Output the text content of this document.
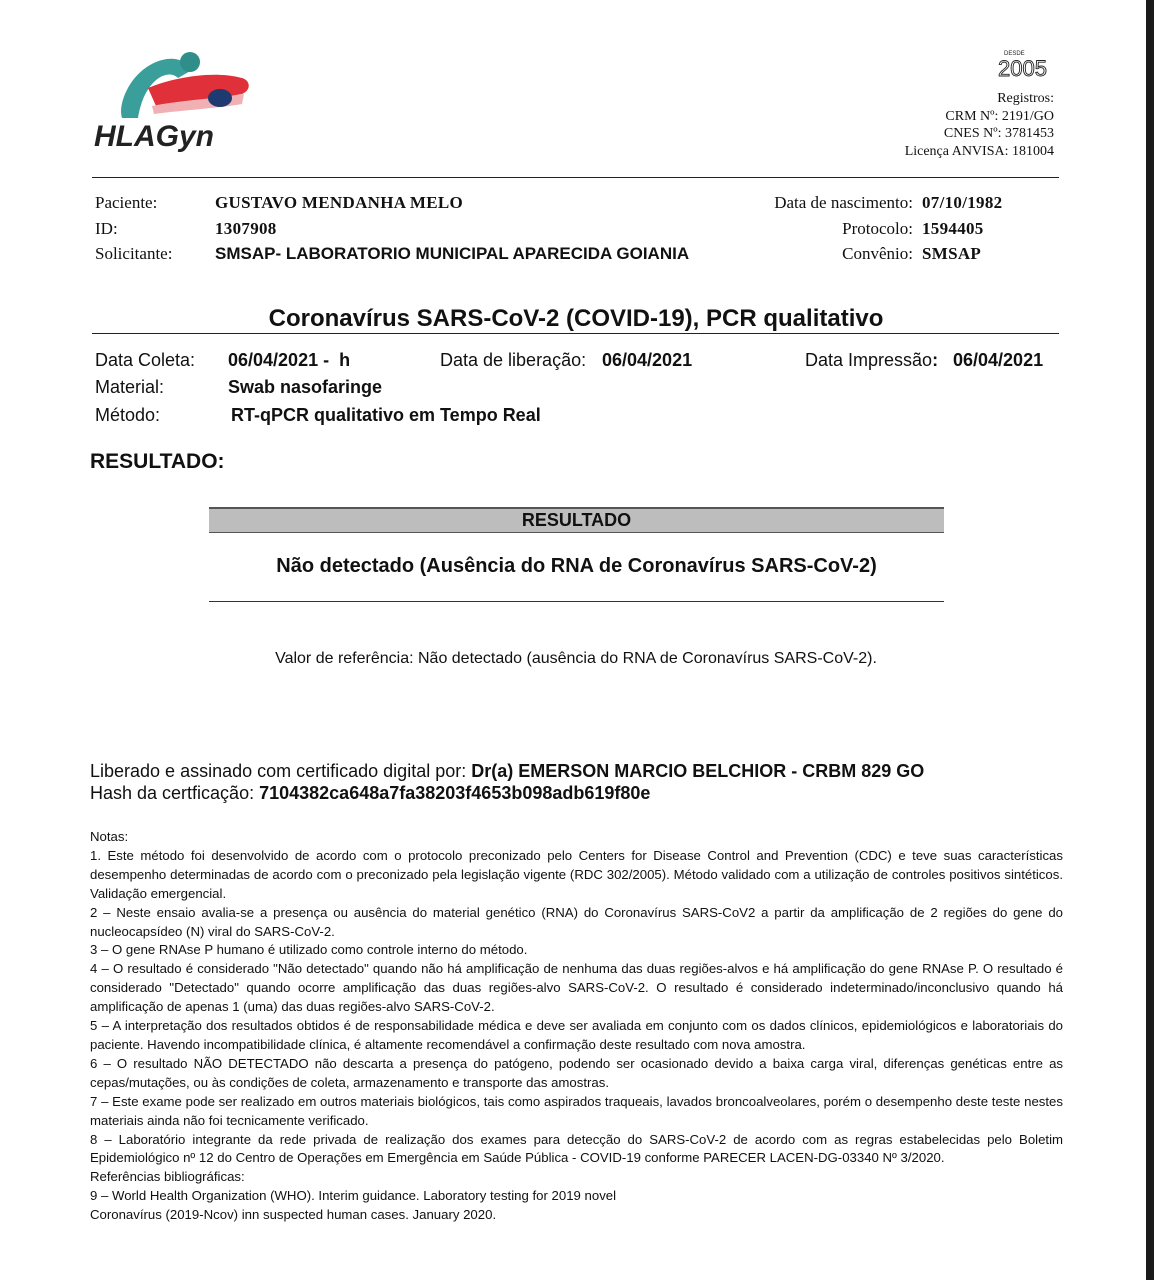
HLAGyn
DESDE
2005
Registros:
CRM Nº: 2191/GO
CNES Nº: 3781453
Licença ANVISA: 181004
Paciente:	GUSTAVO MENDANHA MELO
ID:	1307908
Solicitante:	SMSAP- LABORATORIO MUNICIPAL APARECIDA GOIANIA
Data de nascimento: 07/10/1982
Protocolo: 1594405
Convênio: SMSAP
Coronavírus SARS-CoV-2 (COVID-19), PCR qualitativo
Data Coleta: 06/04/2021 -  h	Data de liberação: 06/04/2021	Data Impressão: 06/04/2021
Material:	Swab nasofaringe
Método:	RT-qPCR qualitativo em Tempo Real
RESULTADO:
RESULTADO
Não detectado (Ausência do RNA de Coronavírus SARS-CoV-2)
Valor de referência: Não detectado (ausência do RNA de Coronavírus SARS-CoV-2).
Liberado e assinado com certificado digital por: Dr(a) EMERSON MARCIO BELCHIOR - CRBM 829 GO
Hash da certficação: 7104382ca648a7fa38203f4653b098adb619f80e

Notas:

1. Este método foi desenvolvido de acordo com o protocolo preconizado pelo Centers for Disease Control and Prevention (CDC) e teve suas características desempenho determinadas de acordo com o preconizado pela legislação vigente (RDC 302/2005). Método validado com a utilização de controles positivos sintéticos. Validação emergencial.

2 – Neste ensaio avalia-se a presença ou ausência do material genético (RNA) do Coronavírus SARS-CoV2 a partir da amplificação de 2 regiões do gene do nucleocapsídeo (N) viral do SARS-CoV-2.

3 – O gene RNAse P humano é utilizado como controle interno do método.

4 – O resultado é considerado "Não detectado" quando não há amplificação de nenhuma das duas regiões-alvos e há amplificação do gene RNAse P. O resultado é considerado "Detectado" quando ocorre amplificação das duas regiões-alvo SARS-CoV-2. O resultado é considerado indeterminado/inconclusivo quando há amplificação de apenas 1 (uma) das duas regiões-alvo SARS-CoV-2.

5 – A interpretação dos resultados obtidos é de responsabilidade médica e deve ser avaliada em conjunto com os dados clínicos, epidemiológicos e laboratoriais do paciente. Havendo incompatibilidade clínica, é altamente recomendável a confirmação deste resultado com nova amostra.

6 – O resultado NÃO DETECTADO não descarta a presença do patógeno, podendo ser ocasionado devido a baixa carga viral, diferenças genéticas entre as cepas/mutações, ou às condições de coleta, armazenamento e transporte das amostras.

7 – Este exame pode ser realizado em outros materiais biológicos, tais como aspirados traqueais, lavados broncoalveolares, porém o desempenho deste teste nestes materiais ainda não foi tecnicamente verificado.

8 – Laboratório integrante da rede privada de realização dos exames para detecção do SARS-CoV-2 de acordo com as regras estabelecidas pelo Boletim Epidemiológico nº 12 do Centro de Operações em Emergência em Saúde Pública - COVID-19 conforme PARECER LACEN-DG-03340 Nº 3/2020.

Referências bibliográficas:

9 – World Health Organization (WHO). Interim guidance. Laboratory testing for 2019 novel

Coronavírus (2019-Ncov) inn suspected human cases. January 2020.
